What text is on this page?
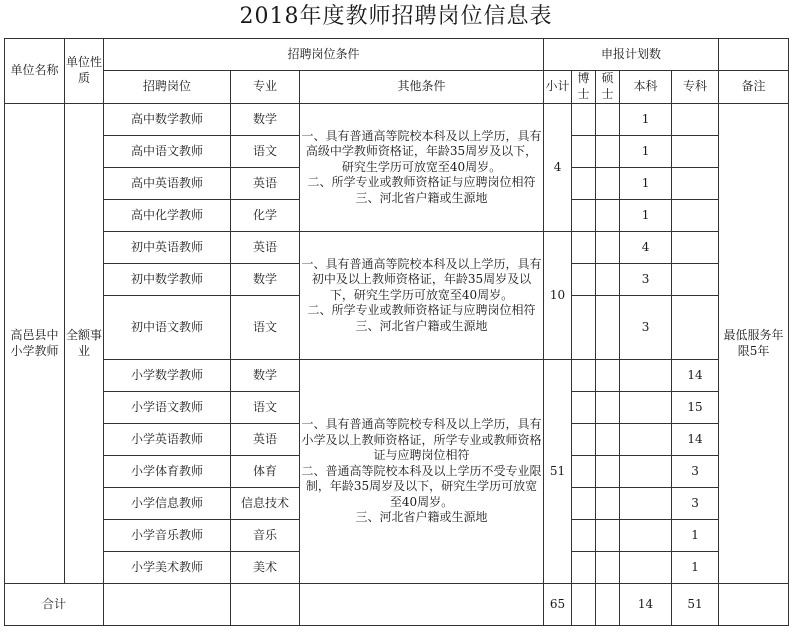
2018年度教师招聘岗位信息表
单位名称	单位性质	招聘岗位条件			申报计划数					
		招聘岗位	专业	其他条件	小计	博士	硕士	本科	专科	备注
高邑县中小学教师	全额事业	高中数学教师	数学	一、具有普通高等院校本科及以上学历，具有高级中学教师资格证，年龄35周岁及以下，研究生学历可放宽至40周岁。
二、所学专业或教师资格证与应聘岗位相符
三、河北省户籍或生源地	4			1		最低服务年限5年
		高中语文教师	语文					1		
		高中英语教师	英语					1		
		高中化学教师	化学					1		
		初中英语教师	英语	一、具有普通高等院校本科及以上学历，具有初中及以上教师资格证，年龄35周岁及以下，研究生学历可放宽至40周岁。
二、所学专业或教师资格证与应聘岗位相符
三、河北省户籍或生源地	10			4		
		初中数学教师	数学					3		
		初中语文教师	语文					3		
		小学数学教师	数学	一、具有普通高等院校专科及以上学历，具有小学及以上教师资格证，所学专业或教师资格证与应聘岗位相符
二、普通高等院校本科及以上学历不受专业限制，年龄35周岁及以下，研究生学历可放宽至40周岁。
三、河北省户籍或生源地	51				14	
		小学语文教师	语文						15	
		小学英语教师	英语						14	
		小学体育教师	体育						3	
		小学信息教师	信息技术						3	
		小学音乐教师	音乐						1	
		小学美术教师	美术						1	
合计					65			14	51	
